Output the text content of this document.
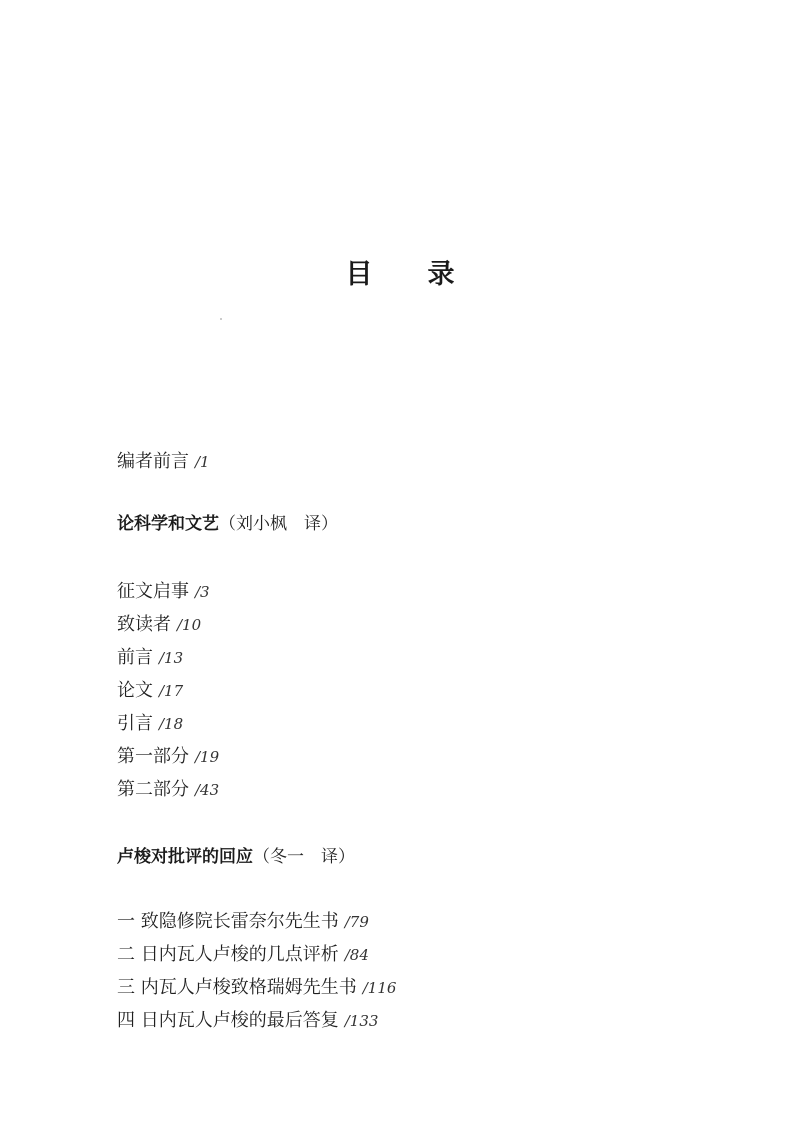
目 录
编者前言 /1
论科学和文艺（刘小枫　译）
征文启事 /3
致读者 /10
前言 /13
论文 /17
引言 /18
第一部分 /19
第二部分 /43
卢梭对批评的回应（冬一　译）
一 致隐修院长雷奈尔先生书 /79
二 日内瓦人卢梭的几点评析 /84
三 内瓦人卢梭致格瑞姆先生书 /116
四 日内瓦人卢梭的最后答复 /133
